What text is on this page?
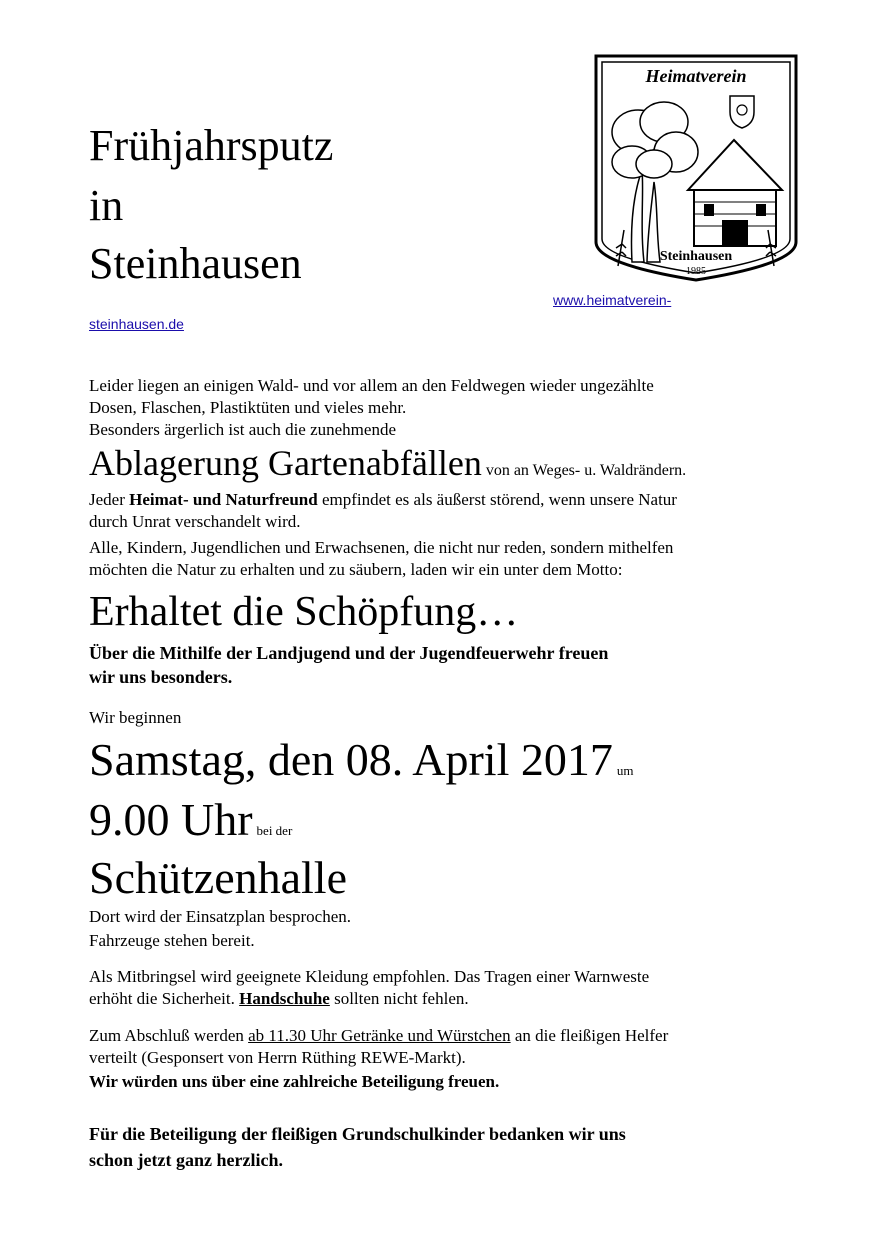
Frühjahrsputz
in
Steinhausen
Heimatverein
Steinhausen
1985
www.heimatverein-
steinhausen.de
Leider liegen an einigen Wald- und vor allem an den Feldwegen wieder ungezählte
Dosen, Flaschen, Plastiktüten und vieles mehr.
Besonders ärgerlich ist auch die zunehmende
Ablagerung Gartenabfällen von an Weges- u. Waldrändern.
Jeder Heimat- und Naturfreund empfindet es als äußerst störend, wenn unsere Natur
durch Unrat verschandelt wird.
Alle, Kindern, Jugendlichen und Erwachsenen, die nicht nur reden, sondern mithelfen
möchten die Natur zu erhalten und zu säubern, laden wir ein unter dem Motto:
Erhaltet die Schöpfung…
Über die Mithilfe der Landjugend und der Jugendfeuerwehr freuen
wir uns besonders.
Wir beginnen
Samstag, den 08. April 2017 um
9.00 Uhr bei der
Schützenhalle
Dort wird der Einsatzplan besprochen.
Fahrzeuge stehen bereit.
Als Mitbringsel wird geeignete Kleidung empfohlen. Das Tragen einer Warnweste
erhöht die Sicherheit. Handschuhe sollten nicht fehlen.
Zum Abschluß werden ab 11.30 Uhr Getränke und Würstchen an die fleißigen Helfer
verteilt (Gesponsert von Herrn Rüthing REWE-Markt).
Wir würden uns über eine zahlreiche Beteiligung freuen.
Für die Beteiligung der fleißigen Grundschulkinder bedanken wir uns
schon jetzt ganz herzlich.
